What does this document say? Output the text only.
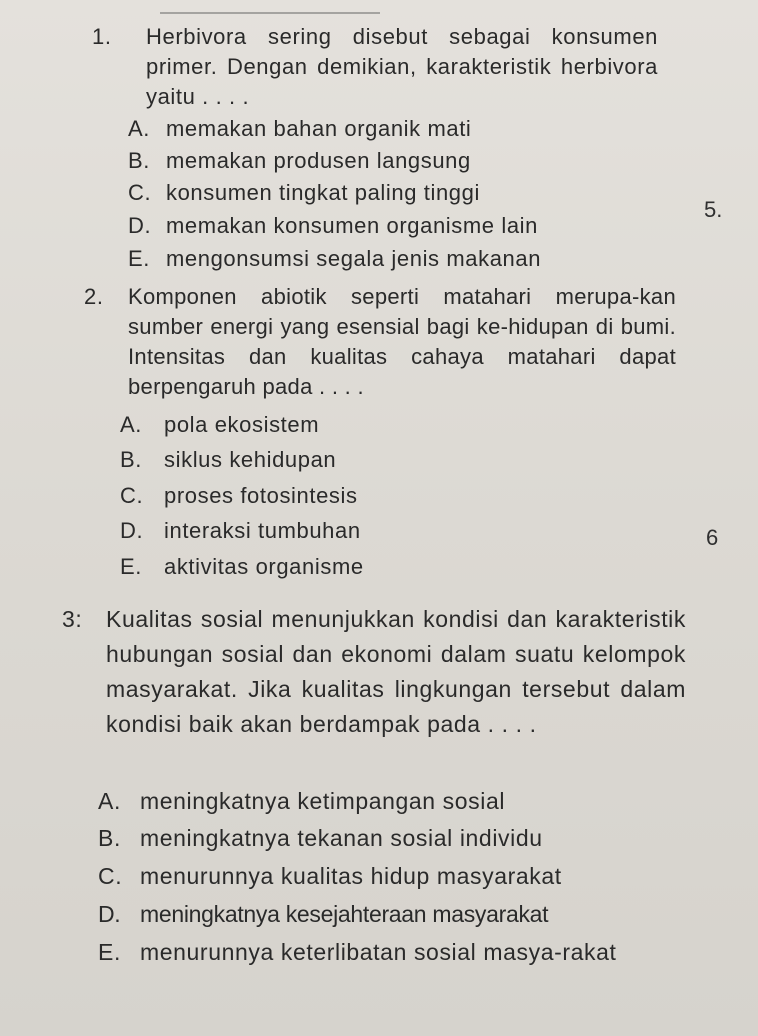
1. Herbivora sering disebut sebagai konsumen primer. Dengan demikian, karakteristik herbivora yaitu . . . .
A. memakan bahan organik mati
B. memakan produsen langsung
C. konsumen tingkat paling tinggi
D. memakan konsumen organisme lain
E. mengonsumsi segala jenis makanan
5.
2. Komponen abiotik seperti matahari merupa-kan sumber energi yang esensial bagi ke-hidupan di bumi. Intensitas dan kualitas cahaya matahari dapat berpengaruh pada . . . .
A. pola ekosistem
B. siklus kehidupan
C. proses fotosintesis
D. interaksi tumbuhan
E. aktivitas organisme
6
3: Kualitas sosial menunjukkan kondisi dan karakteristik hubungan sosial dan ekonomi dalam suatu kelompok masyarakat. Jika kualitas lingkungan tersebut dalam kondisi baik akan berdampak pada . . . .
A. meningkatnya ketimpangan sosial
B. meningkatnya tekanan sosial individu
C. menurunnya kualitas hidup masyarakat
D. meningkatnya kesejahteraan masyarakat
E. menurunnya keterlibatan sosial masya-rakat
